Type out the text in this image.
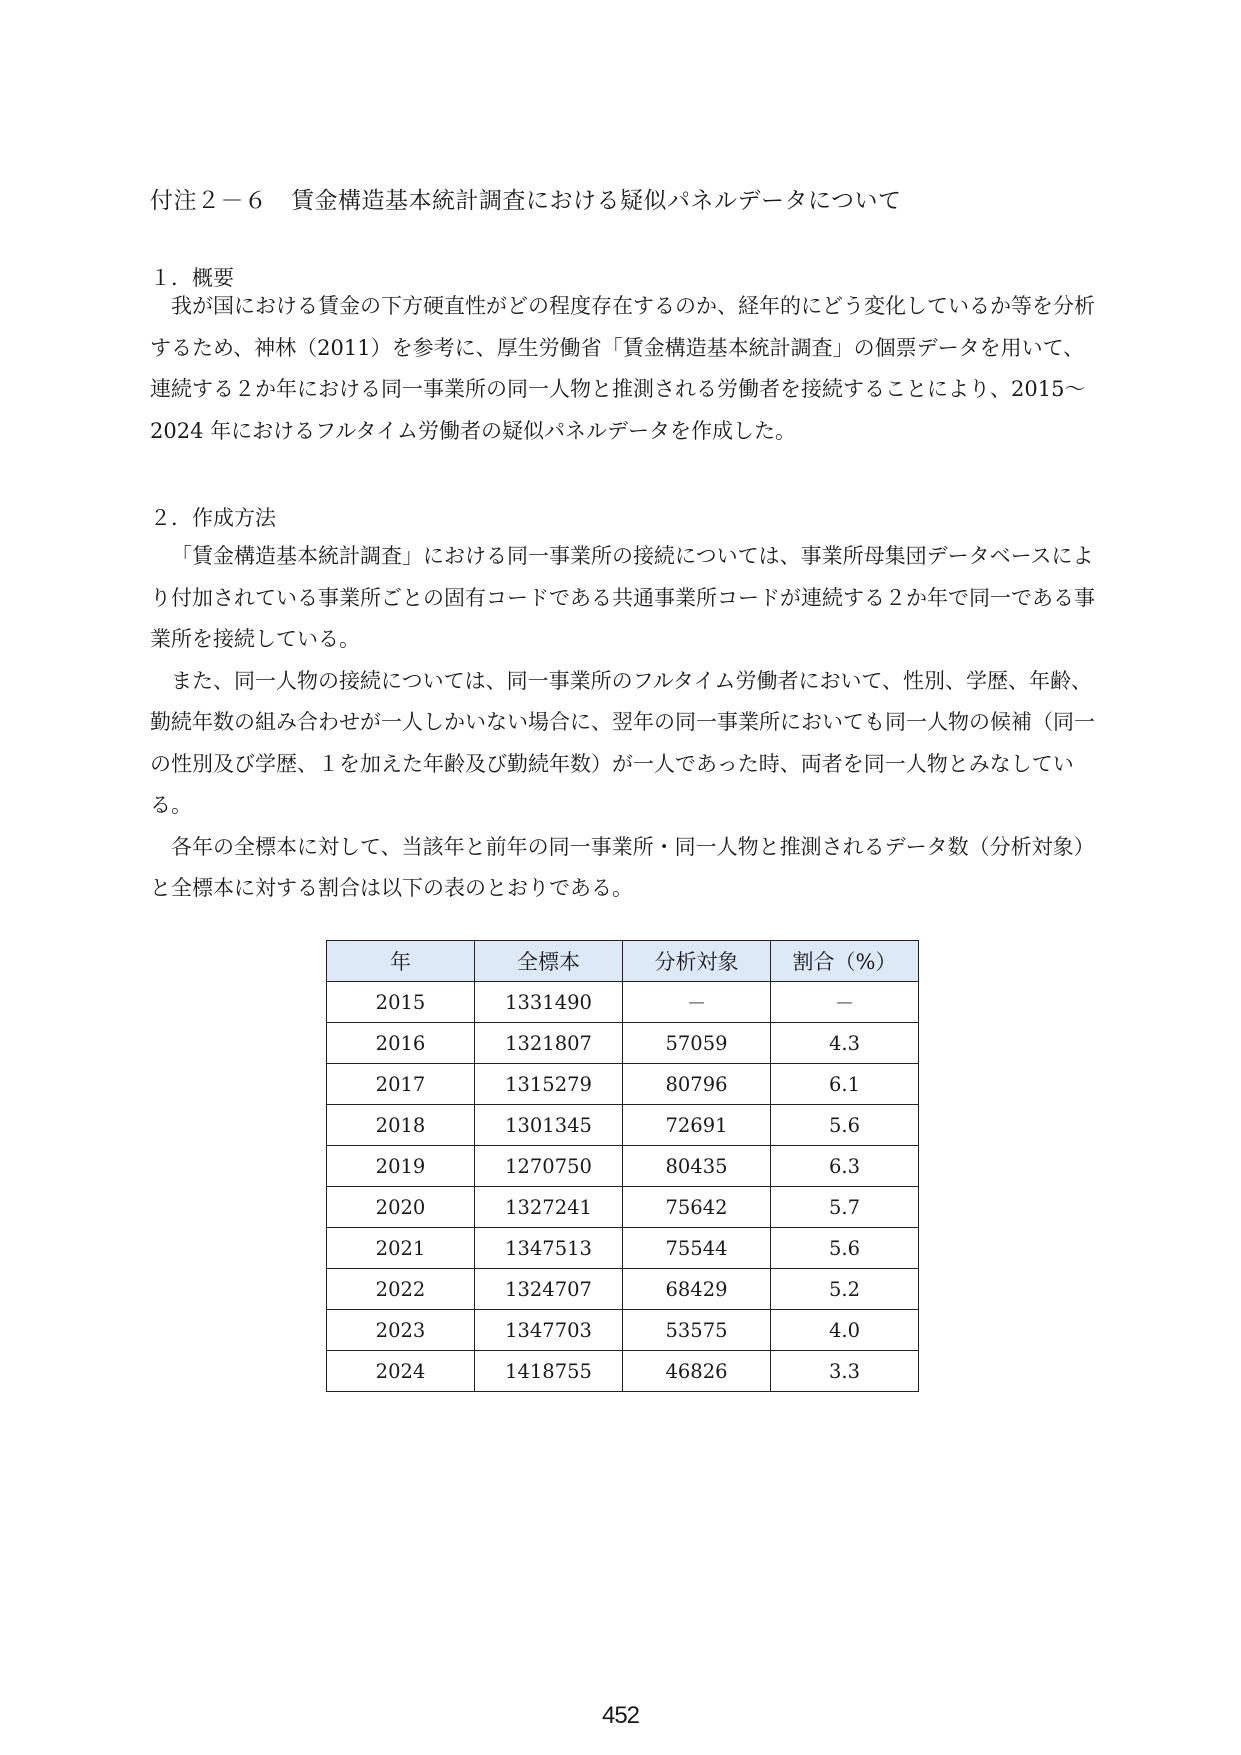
付注２－６　賃金構造基本統計調査における疑似パネルデータについて
１．概要

我が国における賃金の下方硬直性がどの程度存在するのか、経年的にどう変化しているか等を分析するため、神林（2011）を参考に、厚生労働省「賃金構造基本統計調査」の個票データを用いて、連続する２か年における同一事業所の同一人物と推測される労働者を接続することにより、2015～2024 年におけるフルタイム労働者の疑似パネルデータを作成した。

２．作成方法

「賃金構造基本統計調査」における同一事業所の接続については、事業所母集団データベースにより付加されている事業所ごとの固有コードである共通事業所コードが連続する２か年で同一である事業所を接続している。

また、同一人物の接続については、同一事業所のフルタイム労働者において、性別、学歴、年齢、勤続年数の組み合わせが一人しかいない場合に、翌年の同一事業所においても同一人物の候補（同一の性別及び学歴、１を加えた年齢及び勤続年数）が一人であった時、両者を同一人物とみなしている。

各年の全標本に対して、当該年と前年の同一事業所・同一人物と推測されるデータ数（分析対象）と全標本に対する割合は以下の表のとおりである。

年	全標本	分析対象	割合（%）
2015	1331490	－	－
2016	1321807	57059	4.3
2017	1315279	80796	6.1
2018	1301345	72691	5.6
2019	1270750	80435	6.3
2020	1327241	75642	5.7
2021	1347513	75544	5.6
2022	1324707	68429	5.2
2023	1347703	53575	4.0
2024	1418755	46826	3.3
452
